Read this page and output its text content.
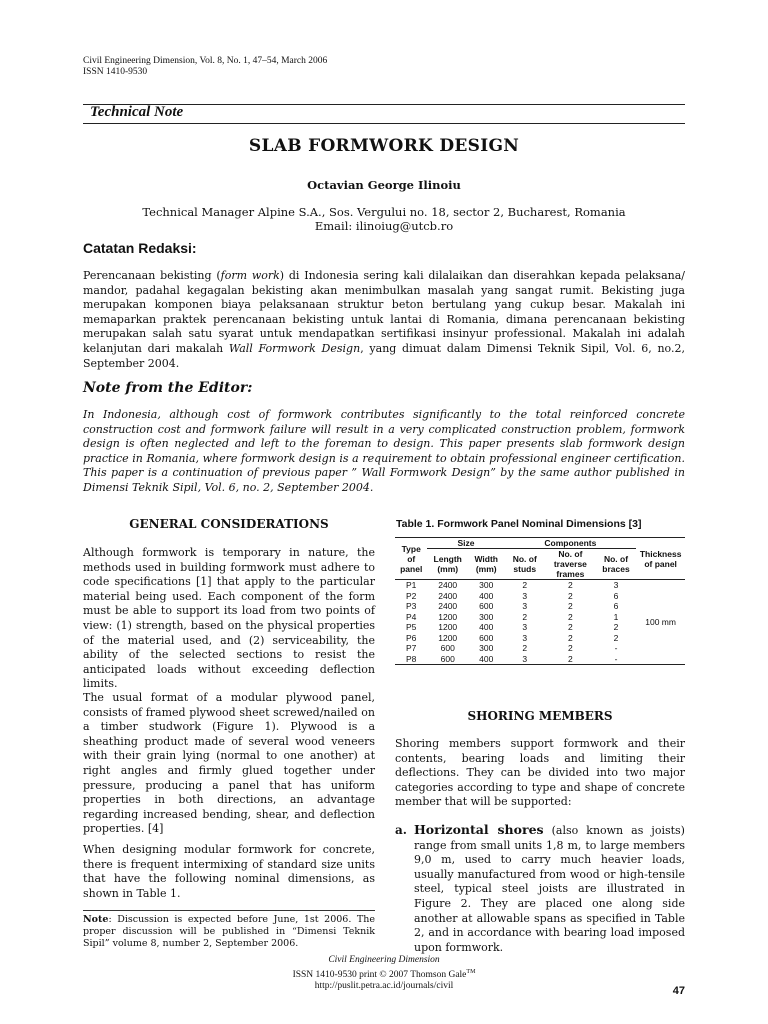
Civil Engineering Dimension, Vol. 8, No. 1, 47–54, March 2006
ISSN 1410-9530
Technical Note
SLAB FORMWORK DESIGN
Octavian George Ilinoiu
Technical Manager Alpine S.A., Sos. Vergului no. 18, sector 2, Bucharest, Romania
Email: ilinoiug@utcb.ro
Catatan Redaksi:
Perencanaan bekisting (form work) di Indonesia sering kali dilalaikan dan diserahkan kepada pelaksana/ mandor, padahal kegagalan bekisting akan menimbulkan masalah yang sangat rumit. Bekisting juga merupakan komponen biaya pelaksanaan struktur beton bertulang yang cukup besar. Makalah ini memaparkan praktek perencanaan bekisting untuk lantai di Romania, dimana perencanaan bekisting merupakan salah satu syarat untuk mendapatkan sertifikasi insinyur professional. Makalah ini adalah kelanjutan dari makalah Wall Formwork Design, yang dimuat dalam Dimensi Teknik Sipil, Vol. 6, no.2, September 2004.
Note from the Editor:
In Indonesia, although cost of formwork contributes significantly to the total reinforced concrete construction cost and formwork failure will result in a very complicated construction problem, formwork design is often neglected and left to the foreman to design. This paper presents slab formwork design practice in Romania, where formwork design is a requirement to obtain professional engineer certification. This paper is a continuation of previous paper ” Wall Formwork Design” by the same author published in Dimensi Teknik Sipil, Vol. 6, no. 2, September 2004.
GENERAL CONSIDERATIONS
Although formwork is temporary in nature, the methods used in building formwork must adhere to code specifications [1] that apply to the particular material being used. Each component of the form must be able to support its load from two points of view: (1) strength, based on the physical properties of the material used, and (2) serviceability, the ability of the selected sections to resist the anticipated loads without exceeding deflection limits.
The usual format of a modular plywood panel, consists of framed plywood sheet screwed/nailed on a timber studwork (Figure 1). Plywood is a sheathing product made of several wood veneers with their grain lying (normal to one another) at right angles and firmly glued together under pressure, producing a panel that has uniform properties in both directions, an advantage regarding increased bending, shear, and deflection properties. [4]
When designing modular formwork for concrete, there is frequent intermixing of standard size units that have the following nominal dimensions, as shown in Table 1.
Note: Discussion is expected before June, 1st 2006. The proper discussion will be published in “Dimensi Teknik Sipil” volume 8, number 2, September 2006.
Table 1. Formwork Panel Nominal Dimensions [3]
Type of panel	Size		Components			Thickness of panel
	Length (mm)	Width (mm)	No. of studs	No. of traverse frames	No. of braces	
P1	2400	300	2	2	3	100 mm
P2	2400	400	3	2	6	
P3	2400	600	3	2	6	
P4	1200	300	2	2	1	
P5	1200	400	3	2	2	
P6	1200	600	3	2	2	
P7	600	300	2	2	-	
P8	600	400	3	2	-	
SHORING MEMBERS
Shoring members support formwork and their contents, bearing loads and limiting their deflections. They can be divided into two major categories according to type and shape of concrete member that will be supported:
a. Horizontal shores (also known as joists) range from small units 1,8 m, to large members 9,0 m, used to carry much heavier loads, usually manufactured from wood or high-tensile steel, typical steel joists are illustrated in Figure 2. They are placed one along side another at allowable spans as specified in Table 2, and in accordance with bearing load imposed upon formwork.
Civil Engineering Dimension
ISSN 1410-9530 print © 2007 Thomson Gale™
http://puslit.petra.ac.id/journals/civil	47
